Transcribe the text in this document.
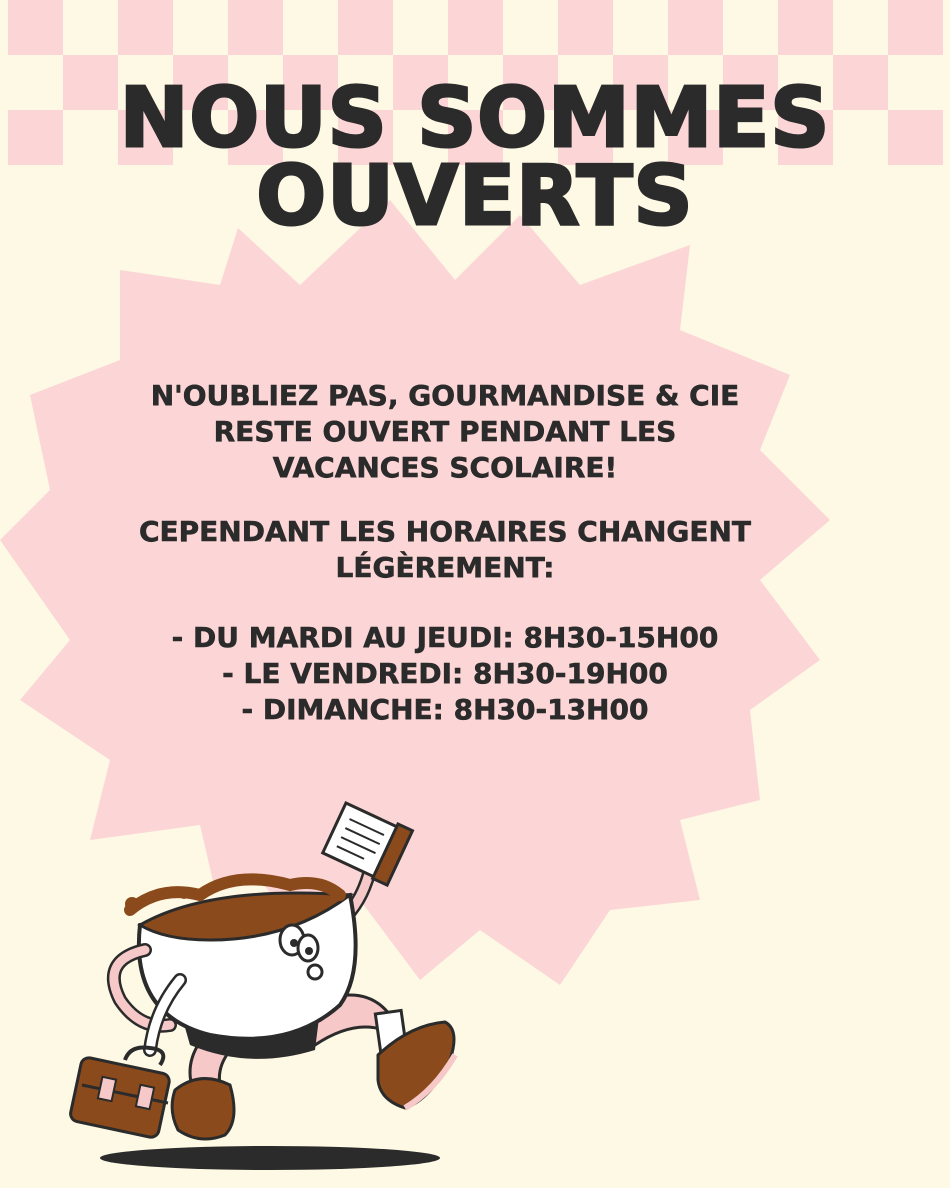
NOUS SOMMES
OUVERTS
N'OUBLIEZ PAS, GOURMANDISE & CIE RESTE OUVERT PENDANT LES VACANCES SCOLAIRE!
CEPENDANT LES HORAIRES CHANGENT LÉGÈREMENT:
- DU MARDI AU JEUDI: 8H30-15H00
- LE VENDREDI: 8H30-19H00
- DIMANCHE: 8H30-13H00
